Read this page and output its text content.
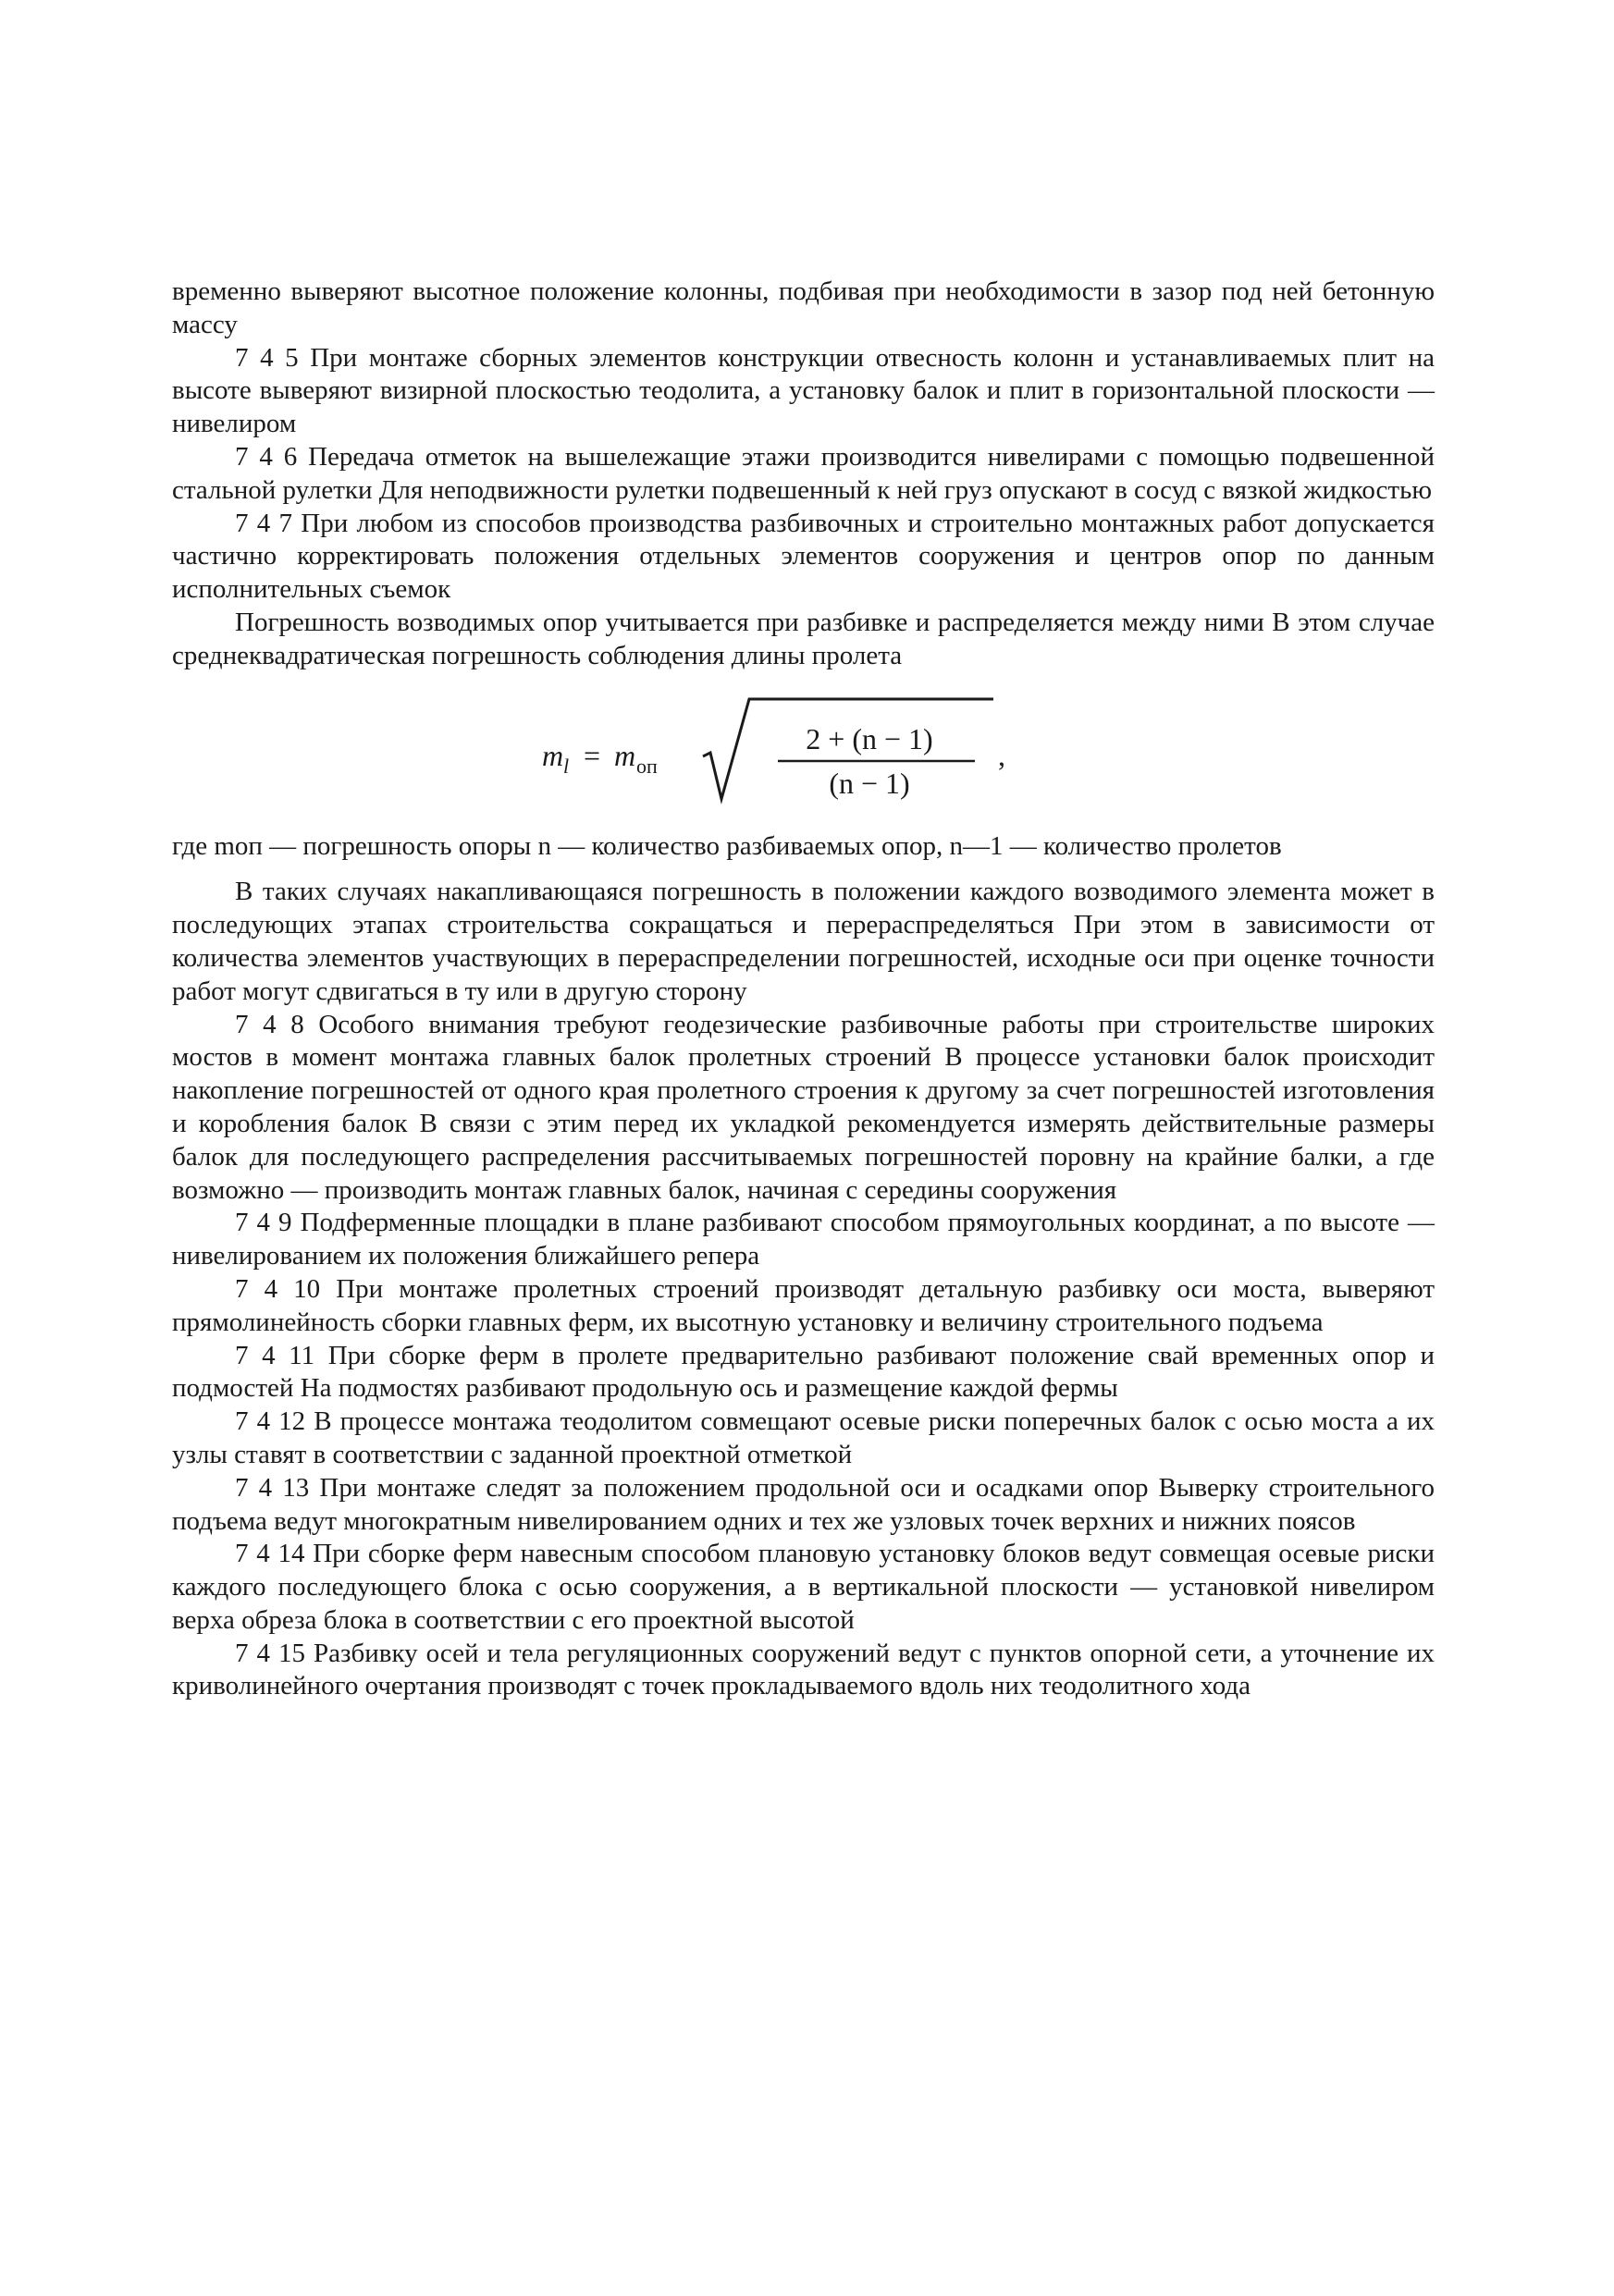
временно выверяют высотное положение колонны, подбивая при необходимости в зазор под ней бетонную массу

7 4 5 При монтаже сборных элементов конструкции отвесность колонн и устанавливаемых плит на высоте выверяют визирной плоскостью теодолита, а установку балок и плит в горизонтальной плоскости — нивелиром

7 4 6 Передача отметок на вышележащие этажи производится нивелирами с помощью подвешенной стальной рулетки Для неподвижности рулетки подвешенный к ней груз опускают в сосуд с вязкой жидкостью

7 4 7 При любом из способов производства разбивочных и строительно монтажных работ допускается частично корректировать положения отдельных элементов сооружения и центров опор по данным исполнительных съемок

Погрешность возводимых опор учитывается при разбивке и распределяется между ними В этом случае среднеквадратическая погрешность соблюдения длины пролета

m l = m оп
2 + (n − 1)
(n − 1)
,

где mоп — погрешность опоры n — количество разбиваемых опор, n—1 — количество пролетов

В таких случаях накапливающаяся погрешность в положении каждого возводимого элемента может в последующих этапах строительства сокращаться и перераспределяться При этом в зависимости от количества элементов участвующих в перераспределении погрешностей, исходные оси при оценке точности работ могут сдвигаться в ту или в другую сторону

7 4 8 Особого внимания требуют геодезические разбивочные работы при строительстве широких мостов в момент монтажа главных балок пролетных строений В процессе установки балок происходит накопление погрешностей от одного края пролетного строения к другому за счет погрешностей изготовления и коробления балок В связи с этим перед их укладкой рекомендуется измерять действительные размеры балок для последующего распределения рассчитываемых погрешностей поровну на крайние балки, а где возможно — производить монтаж главных балок, начиная с середины сооружения

7 4 9 Подферменные площадки в плане разбивают способом прямоугольных координат, а по высоте — нивелированием их положения ближайшего репера

7 4 10 При монтаже пролетных строений производят детальную разбивку оси моста, выверяют прямолинейность сборки главных ферм, их высотную установку и величину строительного подъема

7 4 11 При сборке ферм в пролете предварительно разбивают положение свай временных опор и подмостей На подмостях разбивают продольную ось и размещение каждой фермы

7 4 12 В процессе монтажа теодолитом совмещают осевые риски поперечных балок с осью моста а их узлы ставят в соответствии с заданной проектной отметкой

7 4 13 При монтаже следят за положением продольной оси и осадками опор Выверку строительного подъема ведут многократным нивелированием одних и тех же узловых точек верхних и нижних поясов

7 4 14 При сборке ферм навесным способом плановую установку блоков ведут совмещая осевые риски каждого последующего блока с осью сооружения, а в вертикальной плоскости — установкой нивелиром верха обреза блока в соответствии с его проектной высотой

7 4 15 Разбивку осей и тела регуляционных сооружений ведут с пунктов опорной сети, а уточнение их криволинейного очертания производят с точек прокладываемого вдоль них теодолитного хода
